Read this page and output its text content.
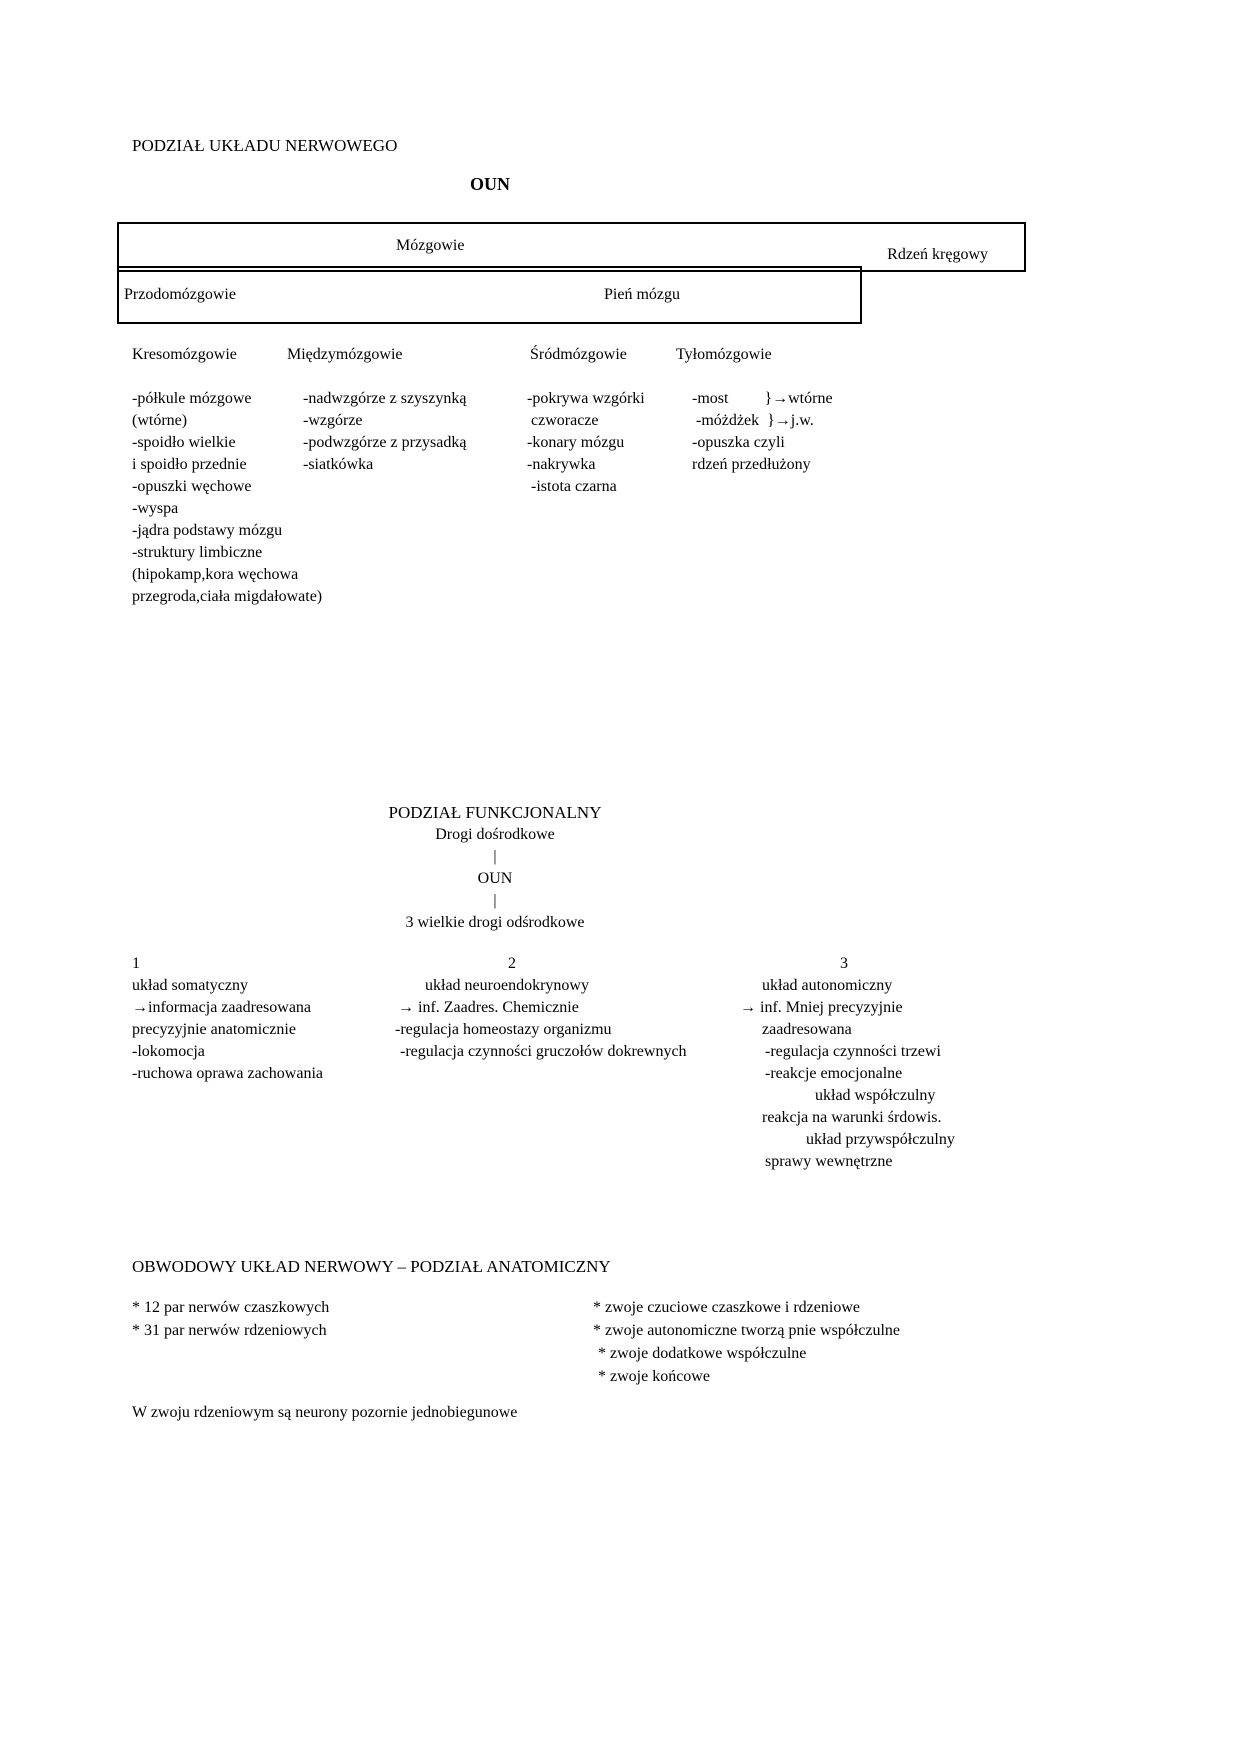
PODZIAŁ UKŁADU NERWOWEGO
OUN
Mózgowie
Rdzeń kręgowy
Przodomózgowie	Pień mózgu
Kresomózgowie
-półkule mózgowe
(wtórne)
-spoidło wielkie
i spoidło przednie
-opuszki węchowe
-wyspa
-jądra podstawy mózgu
-struktury limbiczne
(hipokamp,kora węchowa
przegroda,ciała migdałowate)
Międzymózgowie
-nadwzgórze z szyszynką
-wzgórze
-podwzgórze z przysadką
-siatkówka
Śródmózgowie
-pokrywa wzgórki
czworacze
-konary mózgu
-nakrywka
-istota czarna
Tyłomózgowie
-most         }→wtórne
-móżdżek  }→j.w.
-opuszka czyli
rdzeń przedłużony
PODZIAŁ FUNKCJONALNY
Drogi dośrodkowe
|
OUN
|
3 wielkie drogi odśrodkowe
1
układ somatyczny
→informacja zaadresowana
precyzyjnie anatomicznie
-lokomocja
-ruchowa oprawa zachowania
2
układ neuroendokrynowy
→ inf. Zaadres. Chemicznie
-regulacja homeostazy organizmu
-regulacja czynności gruczołów dokrewnych
3
układ autonomiczny
→ inf. Mniej precyzyjnie
zaadresowana
-regulacja czynności trzewi
-reakcje emocjonalne
układ współczulny
reakcja na warunki śrdowis.
układ przywspółczulny
sprawy wewnętrzne
OBWODOWY UKŁAD NERWOWY – PODZIAŁ ANATOMICZNY
* 12 par nerwów czaszkowych
* 31 par nerwów rdzeniowych
* zwoje czuciowe czaszkowe i rdzeniowe
* zwoje autonomiczne tworzą pnie współczulne
* zwoje dodatkowe współczulne
* zwoje końcowe
W zwoju rdzeniowym są neurony pozornie jednobiegunowe
